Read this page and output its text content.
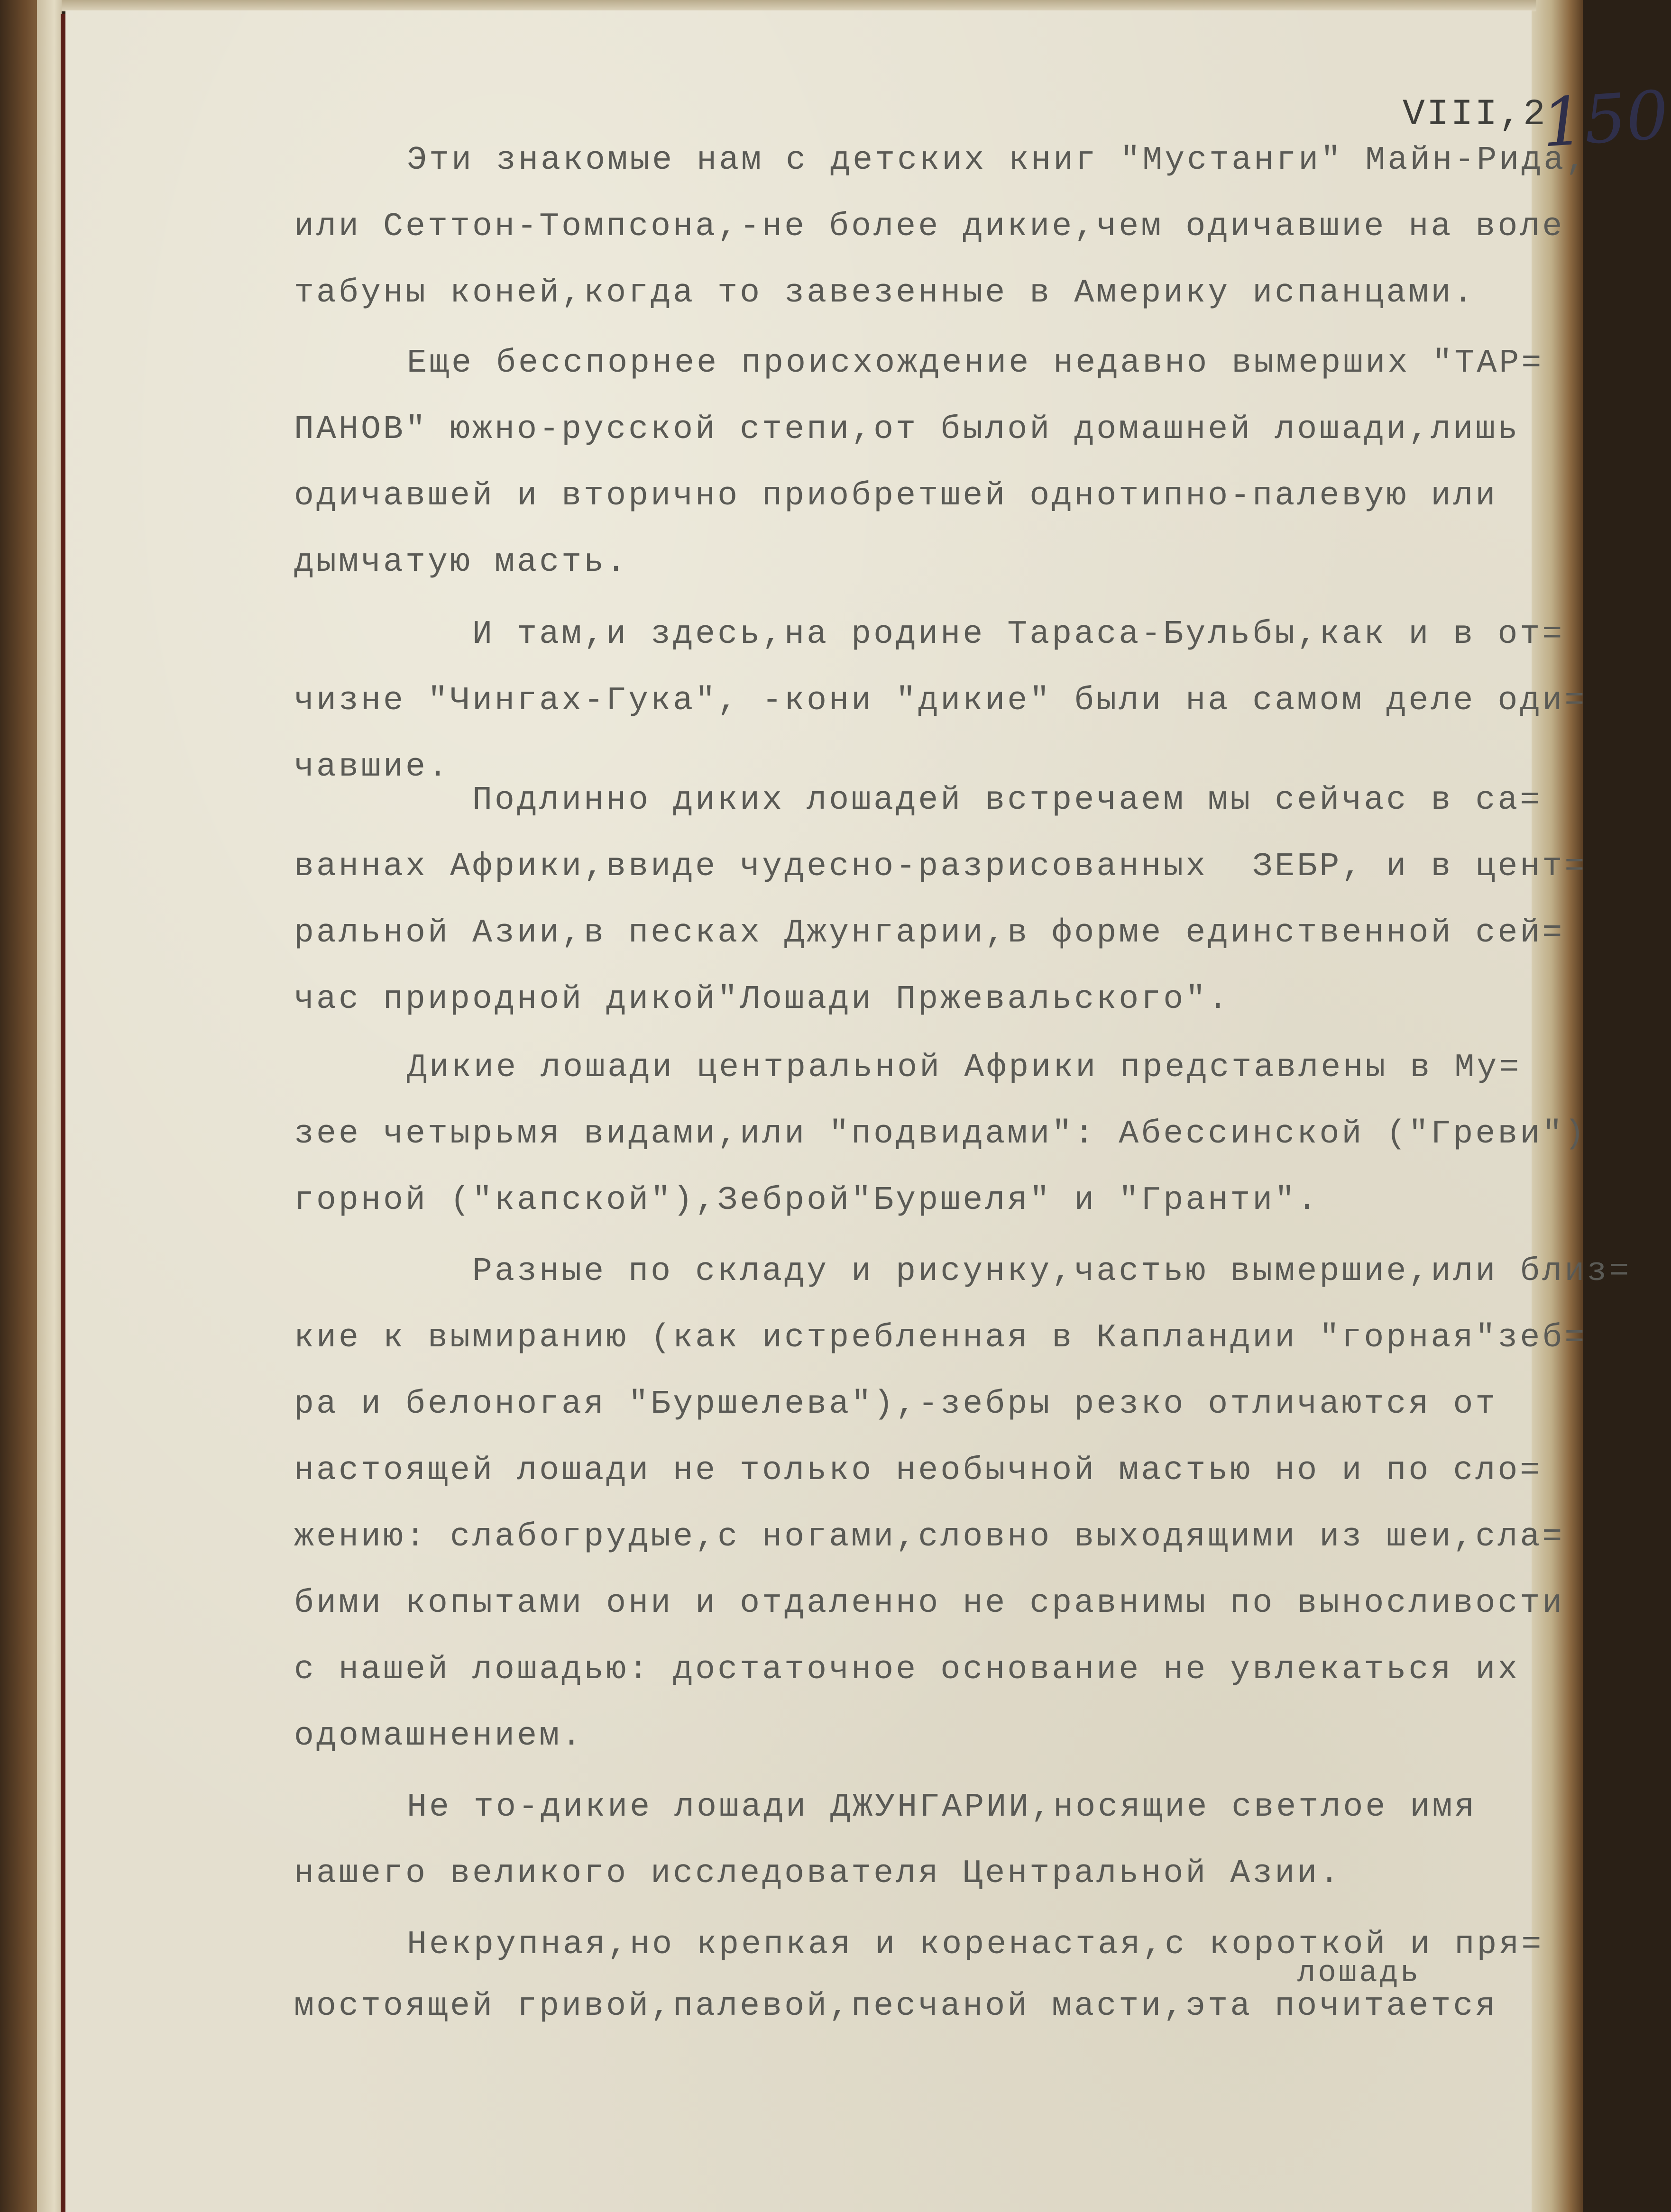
VIII,2
150
Эти знакомые нам с детских книг "Мустанги" Майн-Рида,
или Сеттон-Томпсона,-не более дикие,чем одичавшие на воле
табуны коней,когда то завезенные в Америку испанцами.
Еще бесспорнее происхождение недавно вымерших "ТАР=
ПАНОВ" южно-русской степи,от былой домашней лошади,лишь
одичавшей и вторично приобретшей однотипно-палевую или
дымчатую масть.
И там,и здесь,на родине Тараса-Бульбы,как и в от=
чизне "Чингах-Гука", -кони "дикие" были на самом деле оди=
чавшие.
Подлинно диких лошадей встречаем мы сейчас в са=
ваннах Африки,ввиде чудесно-разрисованных  ЗЕБР, и в цент=
ральной Азии,в песках Джунгарии,в форме единственной сей=
час природной дикой"Лошади Пржевальского".
Дикие лошади центральной Африки представлены в Му=
зее четырьмя видами,или "подвидами": Абессинской ("Греви")
горной ("капской"),Зеброй"Буршеля" и "Гранти".
Разные по складу и рисунку,частью вымершие,или близ=
кие к вымиранию (как истребленная в Капландии "горная"зеб=
ра и белоногая "Буршелева"),-зебры резко отличаются от
настоящей лошади не только необычной мастью но и по сло=
жению: слабогрудые,с ногами,словно выходящими из шеи,сла=
бими копытами они и отдаленно не сравнимы по выносливости
с нашей лошадью: достаточное основание не увлекаться их
одомашнением.
Не то-дикие лошади ДЖУНГАРИИ,носящие светлое имя
нашего великого исследователя Центральной Азии.
Некрупная,но крепкая и коренастая,с короткой и пря=
лошадь
мостоящей гривой,палевой,песчаной масти,эта почитается
